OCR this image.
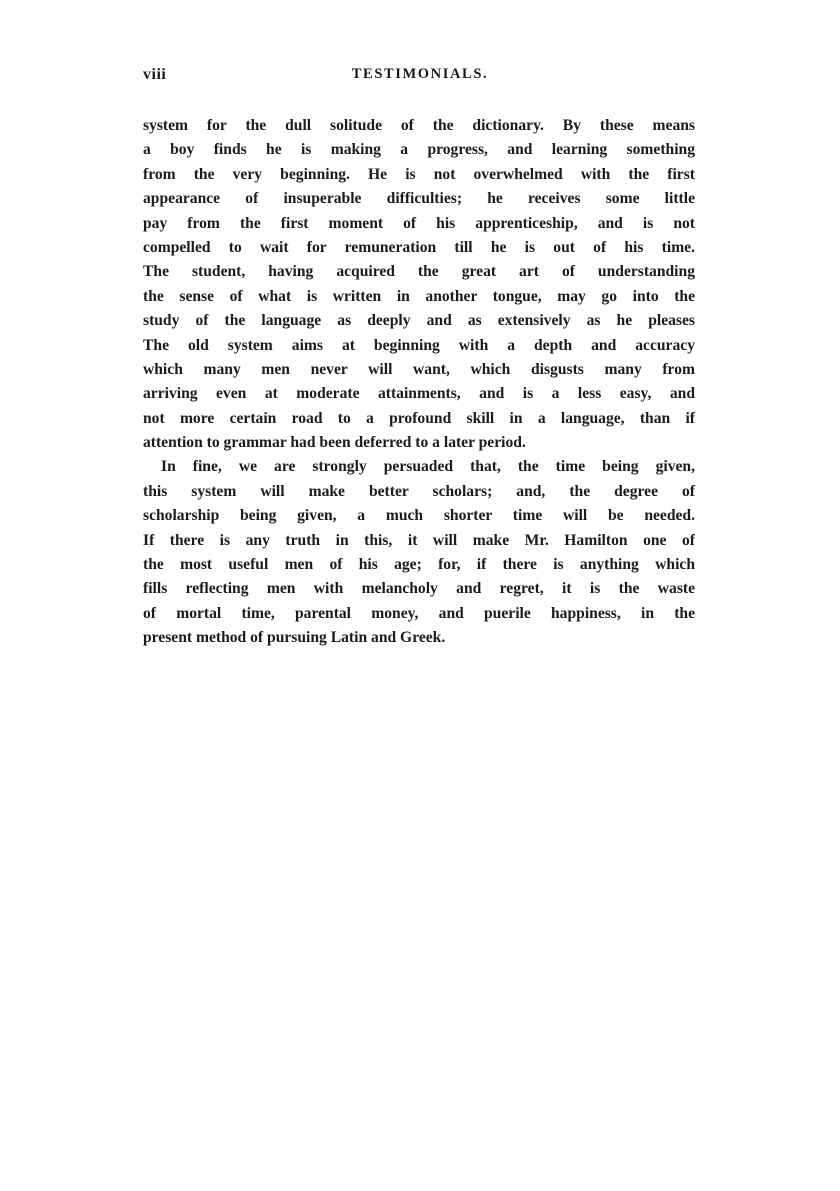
viii	TESTIMONIALS.
system for the dull solitude of the dictionary. By these means
a boy finds he is making a progress, and learning something
from the very beginning. He is not overwhelmed with the first
appearance of insuperable difficulties; he receives some little
pay from the first moment of his apprenticeship, and is not
compelled to wait for remuneration till he is out of his time.
The student, having acquired the great art of understanding
the sense of what is written in another tongue, may go into the
study of the language as deeply and as extensively as he pleases
The old system aims at beginning with a depth and accuracy
which many men never will want, which disgusts many from
arriving even at moderate attainments, and is a less easy, and
not more certain road to a profound skill in a language, than if
attention to grammar had been deferred to a later period.
In fine, we are strongly persuaded that, the time being given,
this system will make better scholars; and, the degree of
scholarship being given, a much shorter time will be needed.
If there is any truth in this, it will make Mr. Hamilton one of
the most useful men of his age; for, if there is anything which
fills reflecting men with melancholy and regret, it is the waste
of mortal time, parental money, and puerile happiness, in the
present method of pursuing Latin and Greek.
